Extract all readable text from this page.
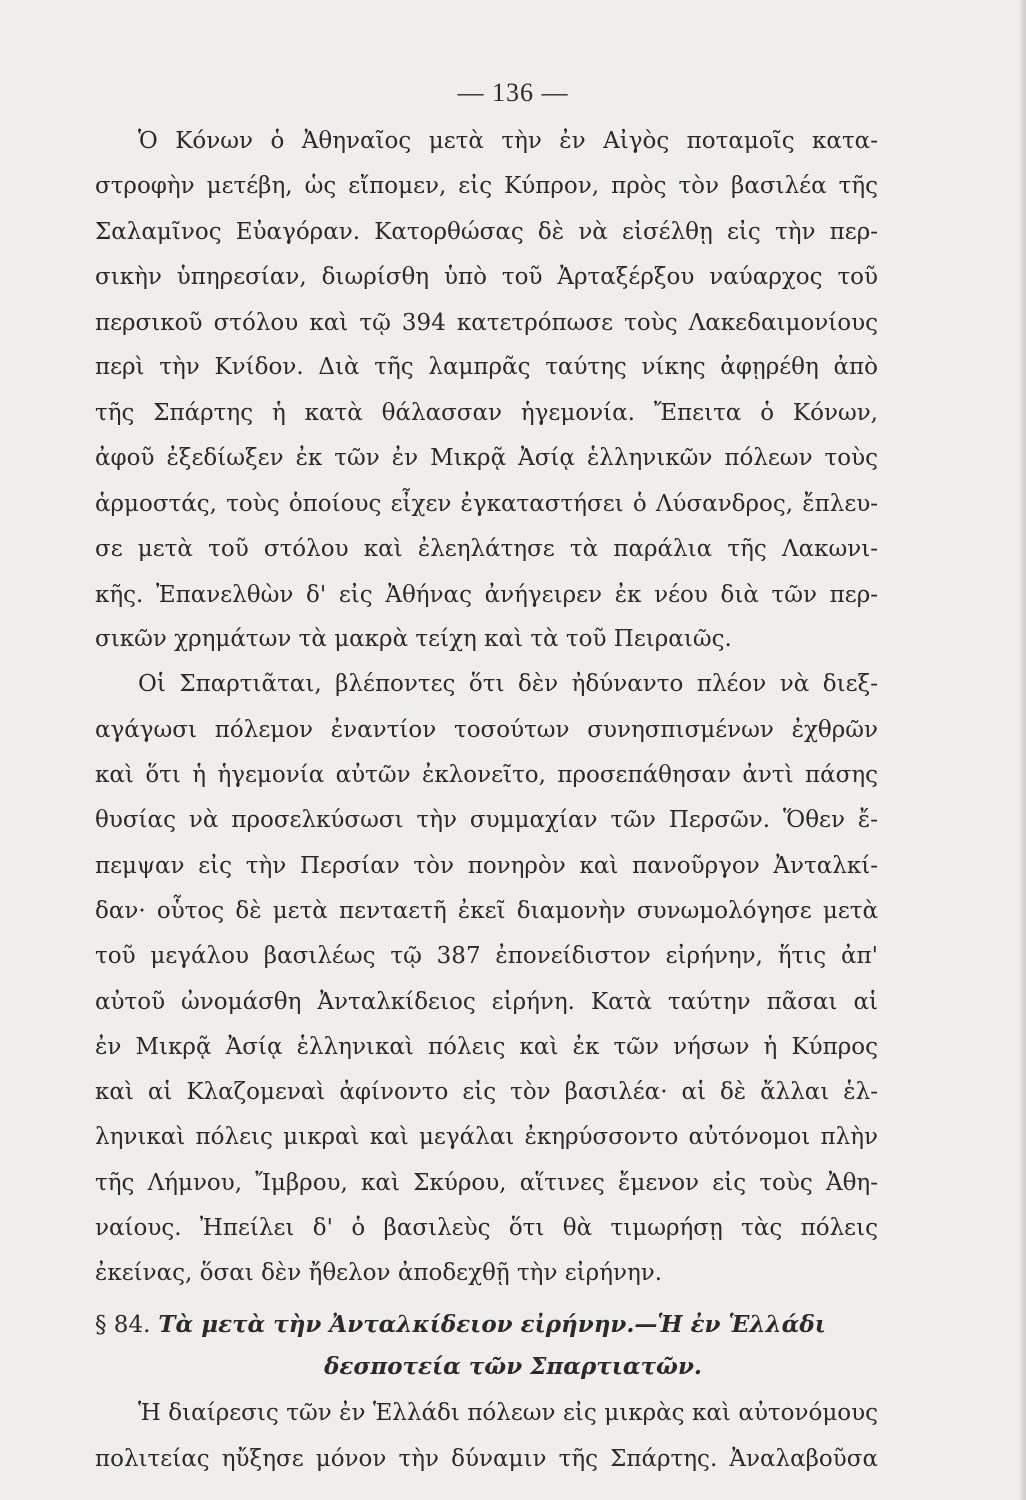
— 136 —
Ὁ Κόνων ὁ Ἀθηναῖος μετὰ τὴν ἐν Αἰγὸς ποταμοῖς κατα-
στροφὴν μετέβη, ὡς εἴπομεν, εἰς Κύπρον, πρὸς τὸν βασιλέα τῆς
Σαλαμῖνος Εὐαγόραν. Κατορθώσας δὲ νὰ εἰσέλθῃ εἰς τὴν περ-
σικὴν ὑπηρεσίαν, διωρίσθη ὑπὸ τοῦ Ἀρταξέρξου ναύαρχος τοῦ
περσικοῦ στόλου καὶ τῷ 394 κατετρόπωσε τοὺς Λακεδαιμονίους
περὶ τὴν Κνίδον. Διὰ τῆς λαμπρᾶς ταύτης νίκης ἀφῃρέθη ἀπὸ
τῆς Σπάρτης ἡ κατὰ θάλασσαν ἡγεμονία. Ἔπειτα ὁ Κόνων,
ἀφοῦ ἐξεδίωξεν ἐκ τῶν ἐν Μικρᾷ Ἀσίᾳ ἑλληνικῶν πόλεων τοὺς
ἁρμοστάς, τοὺς ὁποίους εἶχεν ἐγκαταστήσει ὁ Λύσανδρος, ἔπλευ-
σε μετὰ τοῦ στόλου καὶ ἐλεηλάτησε τὰ παράλια τῆς Λακωνι-
κῆς. Ἐπανελθὼν δ' εἰς Ἀθήνας ἀνήγειρεν ἐκ νέου διὰ τῶν περ-
σικῶν χρημάτων τὰ μακρὰ τείχη καὶ τὰ τοῦ Πειραιῶς.
Οἱ Σπαρτιᾶται, βλέποντες ὅτι δὲν ἠδύναντο πλέον νὰ διεξ-
αγάγωσι πόλεμον ἐναντίον τοσούτων συνησπισμένων ἐχθρῶν
καὶ ὅτι ἡ ἡγεμονία αὐτῶν ἐκλονεῖτο, προσεπάθησαν ἀντὶ πάσης
θυσίας νὰ προσελκύσωσι τὴν συμμαχίαν τῶν Περσῶν. Ὅθεν ἔ-
πεμψαν εἰς τὴν Περσίαν τὸν πονηρὸν καὶ πανοῦργον Ἀνταλκί-
δαν· οὗτος δὲ μετὰ πενταετῆ ἐκεῖ διαμονὴν συνωμολόγησε μετὰ
τοῦ μεγάλου βασιλέως τῷ 387 ἐπονείδιστον εἰρήνην, ἥτις ἀπ'
αὐτοῦ ὠνομάσθη Ἀνταλκίδειος εἰρήνη. Κατὰ ταύτην πᾶσαι αἱ
ἐν Μικρᾷ Ἀσίᾳ ἑλληνικαὶ πόλεις καὶ ἐκ τῶν νήσων ἡ Κύπρος
καὶ αἱ Κλαζομεναὶ ἀφίνοντο εἰς τὸν βασιλέα· αἱ δὲ ἄλλαι ἑλ-
ληνικαὶ πόλεις μικραὶ καὶ μεγάλαι ἐκηρύσσοντο αὐτόνομοι πλὴν
τῆς Λήμνου, Ἴμβρου, καὶ Σκύρου, αἵτινες ἔμενον εἰς τοὺς Ἀθη-
ναίους. Ἠπείλει δ' ὁ βασιλεὺς ὅτι θὰ τιμωρήσῃ τὰς πόλεις
ἐκείνας, ὅσαι δὲν ἤθελον ἀποδεχθῇ τὴν εἰρήνην.
§ 84. Τὰ μετὰ τὴν Ἀνταλκίδειον εἰρήνην.—Ἡ ἐν Ἑλλάδι
δεσποτεία τῶν Σπαρτιατῶν.
Ἡ διαίρεσις τῶν ἐν Ἑλλάδι πόλεων εἰς μικρὰς καὶ αὐτονόμους
πολιτείας ηὔξησε μόνον τὴν δύναμιν τῆς Σπάρτης. Ἀναλαβοῦσα
